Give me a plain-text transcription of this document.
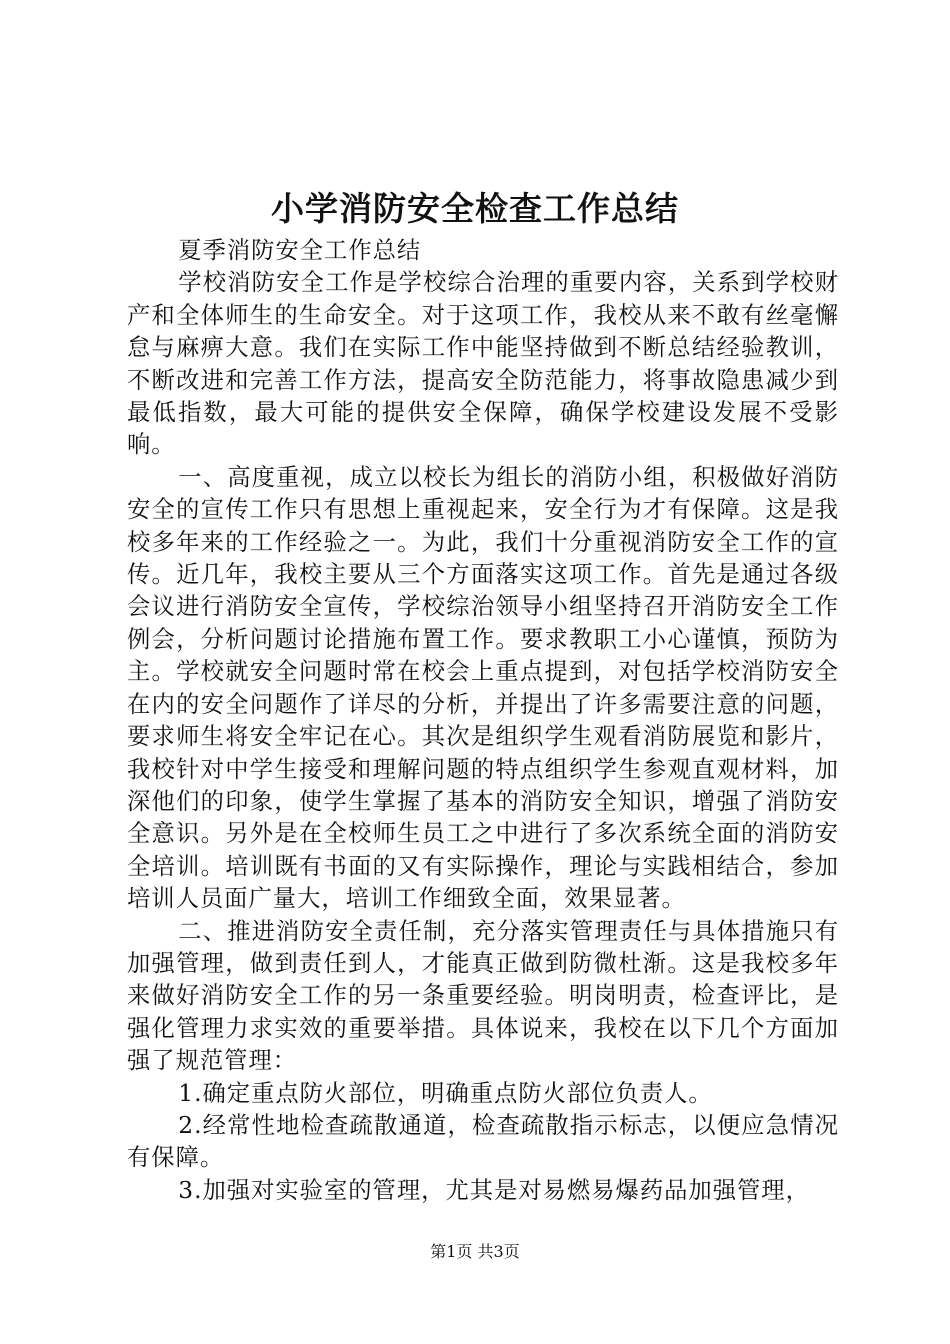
小学消防安全检查工作总结

夏季消防安全工作总结

学校消防安全工作是学校综合治理的重要内容，关系到学校财产和全体师生的生命安全。对于这项工作，我校从来不敢有丝毫懈怠与麻痹大意。我们在实际工作中能坚持做到不断总结经验教训，不断改进和完善工作方法，提高安全防范能力，将事故隐患减少到最低指数，最大可能的提供安全保障，确保学校建设发展不受影响。

一、高度重视，成立以校长为组长的消防小组，积极做好消防安全的宣传工作只有思想上重视起来，安全行为才有保障。这是我校多年来的工作经验之一。为此，我们十分重视消防安全工作的宣传。近几年，我校主要从三个方面落实这项工作。首先是通过各级会议进行消防安全宣传，学校综治领导小组坚持召开消防安全工作例会，分析问题讨论措施布置工作。要求教职工小心谨慎，预防为主。学校就安全问题时常在校会上重点提到，对包括学校消防安全在内的安全问题作了详尽的分析，并提出了许多需要注意的问题，要求师生将安全牢记在心。其次是组织学生观看消防展览和影片，我校针对中学生接受和理解问题的特点组织学生参观直观材料，加深他们的印象，使学生掌握了基本的消防安全知识，增强了消防安全意识。另外是在全校师生员工之中进行了多次系统全面的消防安全培训。培训既有书面的又有实际操作，理论与实践相结合，参加培训人员面广量大，培训工作细致全面，效果显著。

二、推进消防安全责任制，充分落实管理责任与具体措施只有加强管理，做到责任到人，才能真正做到防微杜渐。这是我校多年来做好消防安全工作的另一条重要经验。明岗明责，检查评比，是强化管理力求实效的重要举措。具体说来，我校在以下几个方面加强了规范管理：

1.确定重点防火部位，明确重点防火部位负责人。

2.经常性地检查疏散通道，检查疏散指示标志，以便应急情况有保障。

3.加强对实验室的管理，尤其是对易燃易爆药品加强管理，

第1页 共3页
